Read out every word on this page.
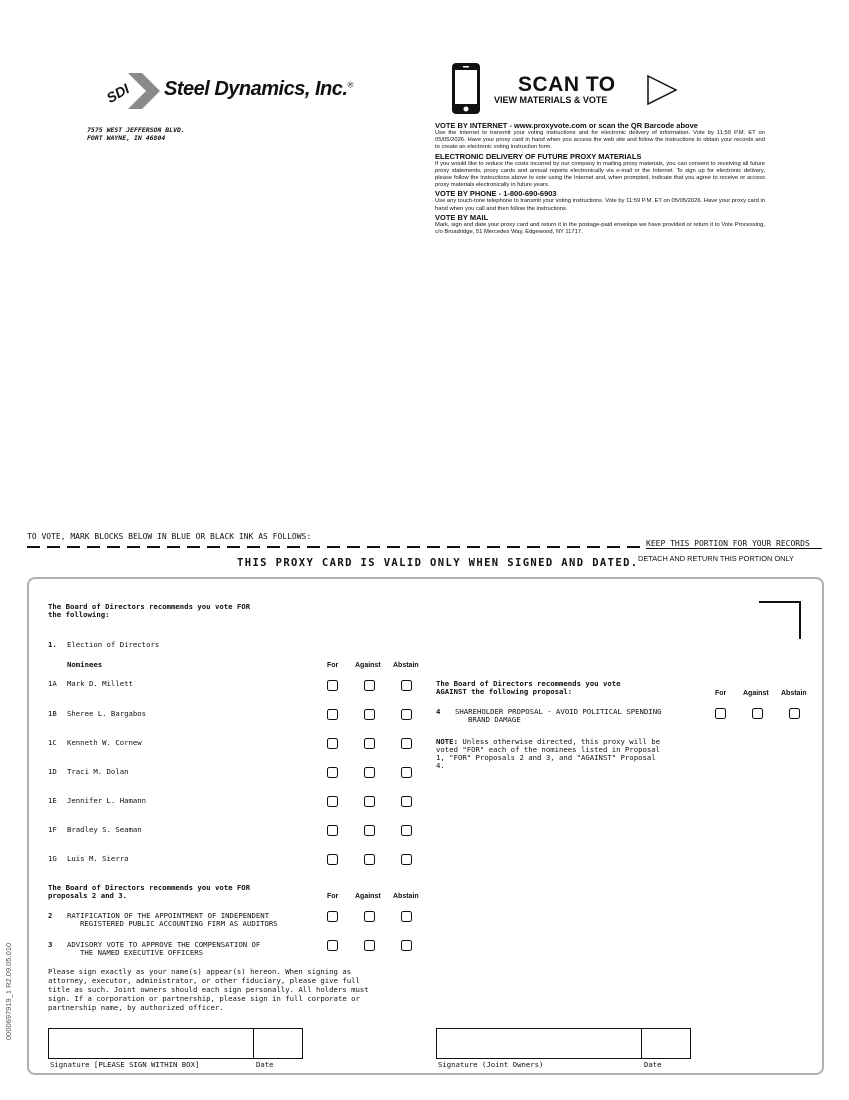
SDI Steel Dynamics, Inc.®
7575 WEST JEFFERSON BLVD.
FORT WAYNE, IN 46804
SCAN TO
VIEW MATERIALS & VOTE
VOTE BY INTERNET - www.proxyvote.com or scan the QR Barcode above
Use the Internet to transmit your voting instructions and for electronic delivery of information. Vote by 11:59 P.M. ET on 05/05/2026. Have your proxy card in hand when you access the web site and follow the instructions to obtain your records and to create an electronic voting instruction form.
ELECTRONIC DELIVERY OF FUTURE PROXY MATERIALS
If you would like to reduce the costs incurred by our company in mailing proxy materials, you can consent to receiving all future proxy statements, proxy cards and annual reports electronically via e-mail or the Internet. To sign up for electronic delivery, please follow the instructions above to vote using the Internet and, when prompted, indicate that you agree to receive or access proxy materials electronically in future years.
VOTE BY PHONE - 1-800-690-6903
Use any touch-tone telephone to transmit your voting instructions. Vote by 11:59 P.M. ET on 05/05/2026. Have your proxy card in hand when you call and then follow the instructions.
VOTE BY MAIL
Mark, sign and date your proxy card and return it in the postage-paid envelope we have provided or return it to Vote Processing, c/o Broadridge, 51 Mercedes Way, Edgewood, NY 11717.
TO VOTE, MARK BLOCKS BELOW IN BLUE OR BLACK INK AS FOLLOWS:
KEEP THIS PORTION FOR YOUR RECORDS
THIS PROXY CARD IS VALID ONLY WHEN SIGNED AND DATED. DETACH AND RETURN THIS PORTION ONLY
The Board of Directors recommends you vote FOR
the following:
1. Election of Directors
Nominees	For Against Abstain
1A Mark D. Millett
1B Sheree L. Bargabos
1C Kenneth W. Cornew
1D Traci M. Dolan
1E Jennifer L. Hamann
1F Bradley S. Seaman
1G Luis M. Sierra
The Board of Directors recommends you vote FOR
proposals 2 and 3.	For Against Abstain
2 RATIFICATION OF THE APPOINTMENT OF INDEPENDENT
REGISTERED PUBLIC ACCOUNTING FIRM AS AUDITORS
3 ADVISORY VOTE TO APPROVE THE COMPENSATION OF
THE NAMED EXECUTIVE OFFICERS
Please sign exactly as your name(s) appear(s) hereon. When signing as
attorney, executor, administrator, or other fiduciary, please give full
title as such. Joint owners should each sign personally. All holders must
sign. If a corporation or partnership, please sign in full corporate or
partnership name, by authorized officer.
The Board of Directors recommends you vote
AGAINST the following proposal:	For Against Abstain
4 SHAREHOLDER PROPOSAL - AVOID POLITICAL SPENDING
BRAND DAMAGE
NOTE: Unless otherwise directed, this proxy will be
voted "FOR" each of the nominees listed in Proposal
1, "FOR" Proposals 2 and 3, and "AGAINST" Proposal
4.
Signature [PLEASE SIGN WITHIN BOX]	Date	Signature (Joint Owners)	Date
0000697919_1 R2.09.05.010
